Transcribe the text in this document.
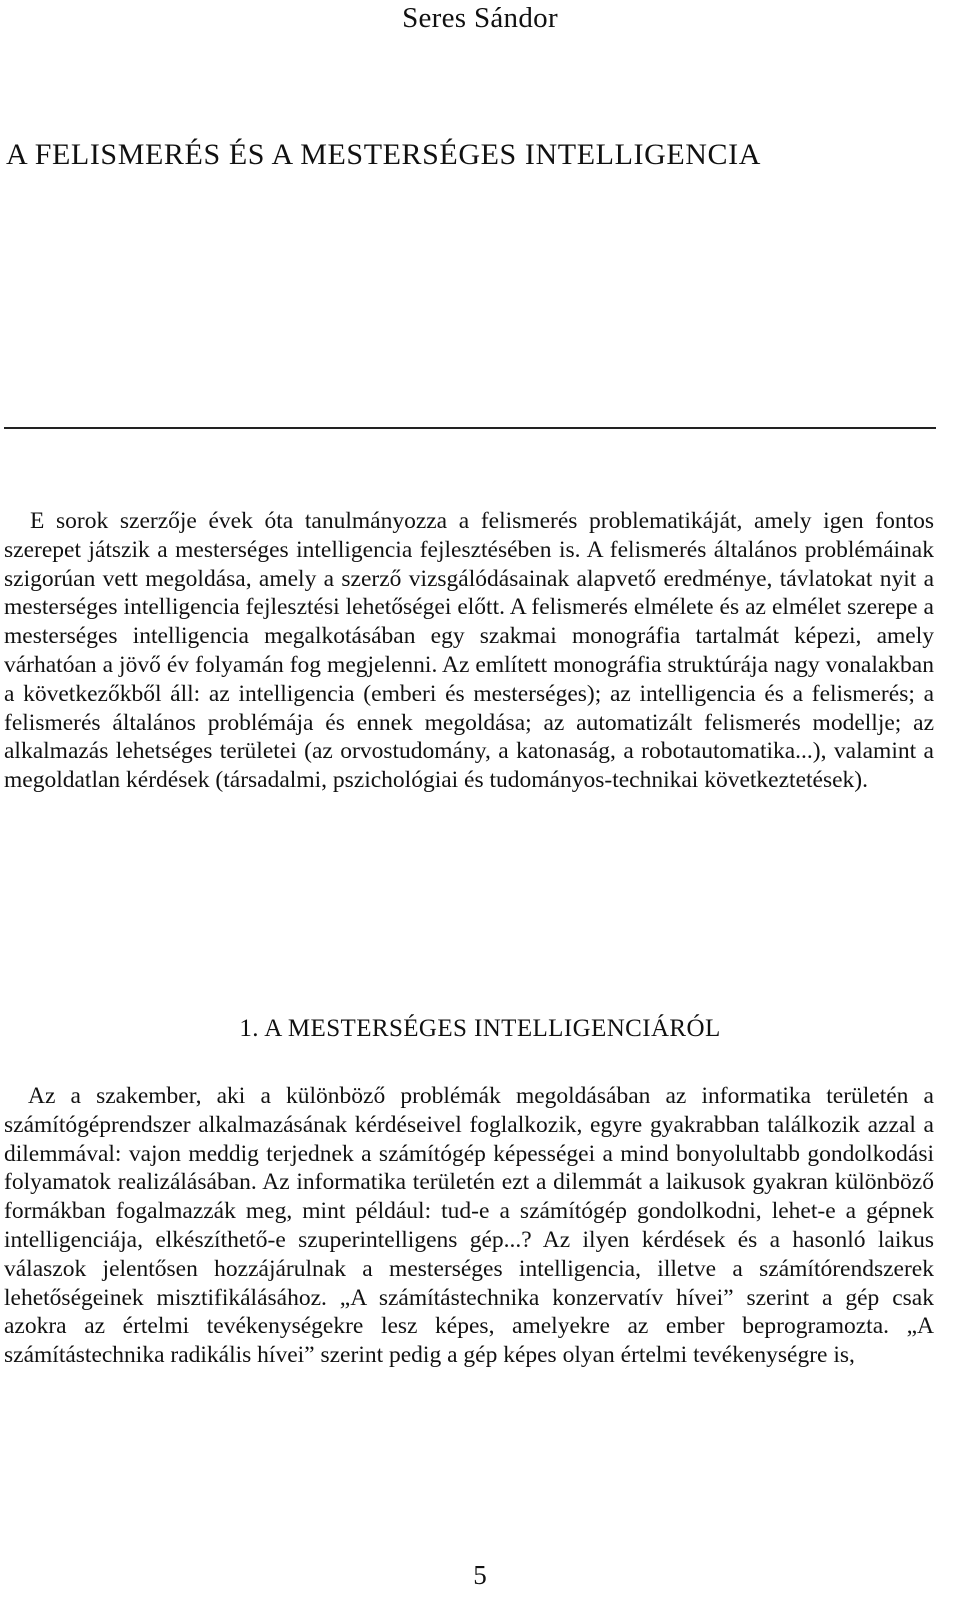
Seres Sándor
A FELISMERÉS ÉS A MESTERSÉGES INTELLIGENCIA
E sorok szerzője évek óta tanulmányozza a felismerés problematikáját, amely igen fontos szerepet játszik a mesterséges intelligencia fejlesztésében is. A felismerés általános problémáinak szigorúan vett megoldása, amely a szerző vizsgálódásainak alapvető eredménye, távlatokat nyit a mesterséges intelligencia fejlesztési lehetőségei előtt. A felismerés elmélete és az elmélet szerepe a mesterséges intelligencia megalkotásában egy szakmai monográfia tartalmát képezi, amely várhatóan a jövő év folyamán fog megjelenni. Az említett monográfia struktúrája nagy vonalakban a következőkből áll: az intelligencia (emberi és mesterséges); az intelligencia és a felismerés; a felismerés általános problémája és ennek megoldása; az automatizált felismerés modellje; az alkalmazás lehetséges területei (az orvostudomány, a katonaság, a robotautomatika...), valamint a megoldatlan kérdések (társadalmi, pszichológiai és tudományos-technikai következtetések).
1. A MESTERSÉGES INTELLIGENCIÁRÓL
Az a szakember, aki a különböző problémák megoldásában az informatika területén a számítógéprendszer alkalmazásának kérdéseivel foglalkozik, egyre gyakrabban találkozik azzal a dilemmával: vajon meddig terjednek a számítógép képességei a mind bonyolultabb gondolkodási folyamatok realizálásában. Az informatika területén ezt a dilemmát a laikusok gyakran különböző formákban fogalmazzák meg, mint például: tud-e a számítógép gondolkodni, lehet-e a gépnek intelligenciája, elkészíthető-e szuperintelligens gép...? Az ilyen kérdések és a hasonló laikus válaszok jelentősen hozzájárulnak a mesterséges intelligencia, illetve a számítórendszerek lehetőségeinek misztifikálásához. „A számítástechnika konzervatív hívei” szerint a gép csak azokra az értelmi tevékenységekre lesz képes, amelyekre az ember beprogramozta. „A számítástechnika radikális hívei” szerint pedig a gép képes olyan értelmi tevékenységre is,
5
